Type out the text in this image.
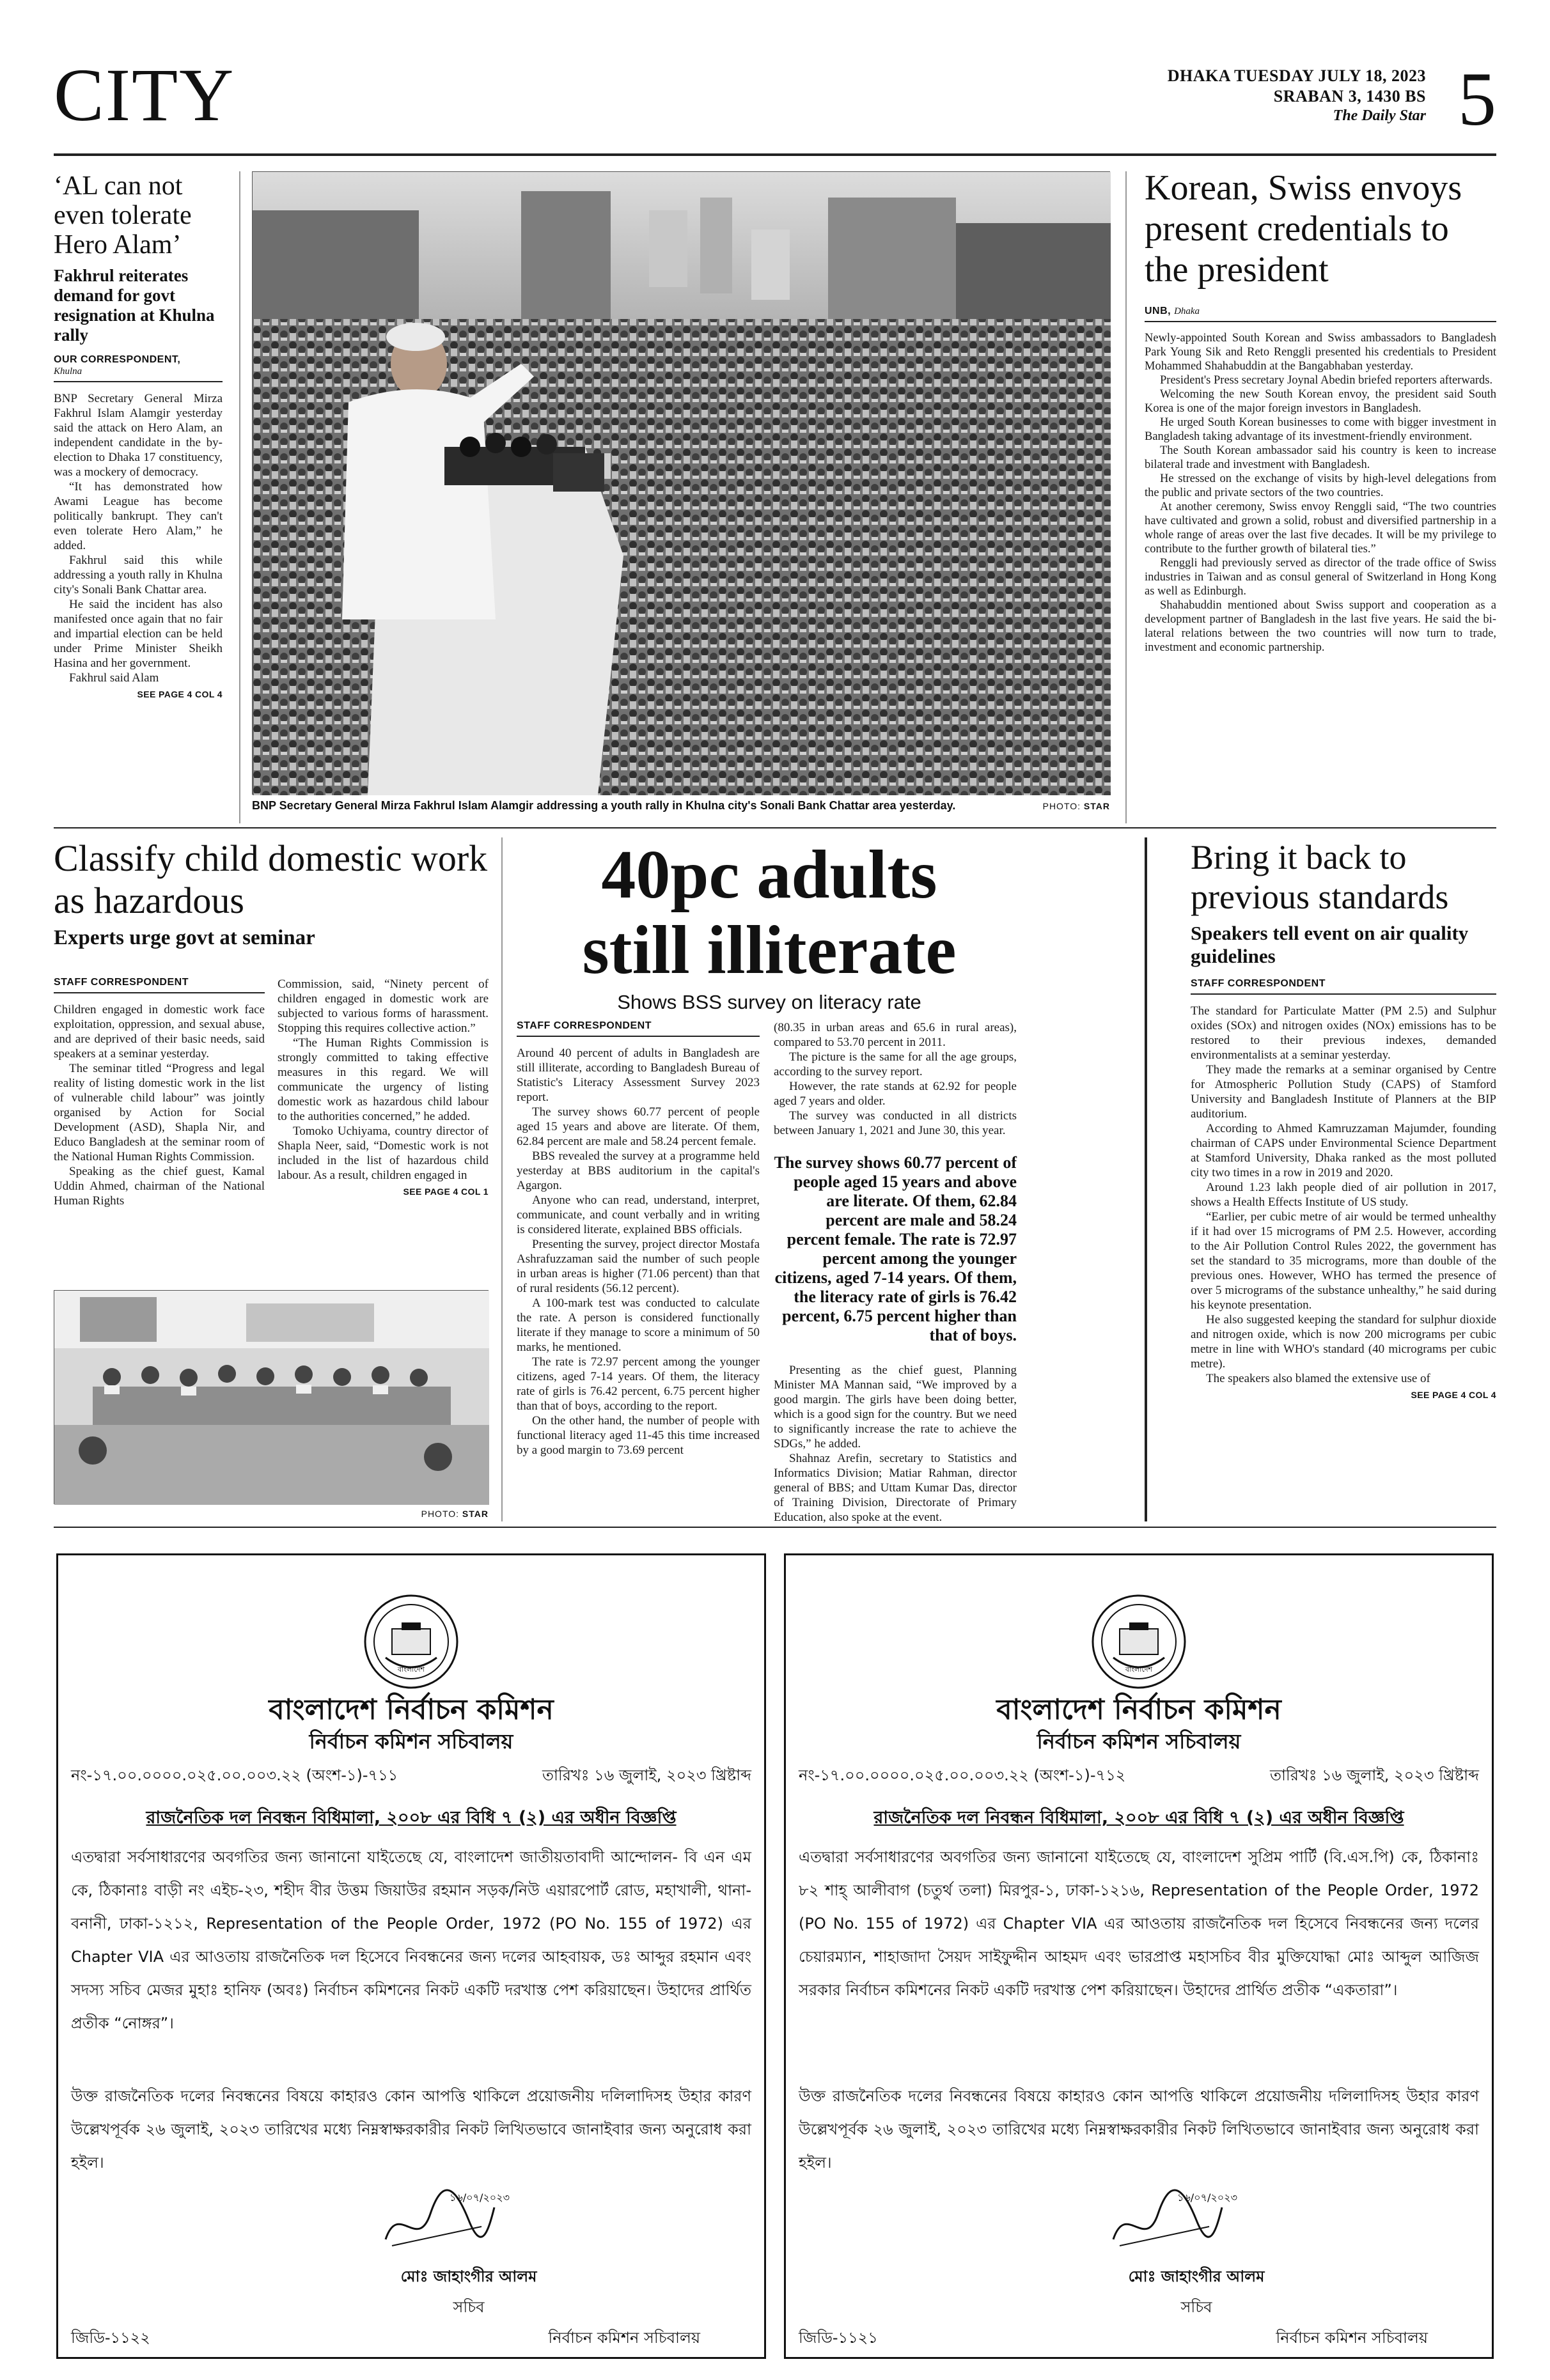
CITY	DHAKA TUESDAY JULY 18, 2023
SRABAN 3, 1430 BS
The Daily Star 5
‘AL can not even tolerate Hero Alam’
Fakhrul reiterates demand for govt resignation at Khulna rally
OUR CORRESPONDENT,
Khulna

BNP Secretary General Mirza Fakhrul Islam Alamgir yesterday said the attack on Hero Alam, an independent candidate in the by-election to Dhaka 17 constituency, was a mockery of democracy.

“It has demonstrated how Awami League has become politically bankrupt. They can't even tolerate Hero Alam,” he added.

Fakhrul said this while addressing a youth rally in Khulna city's Sonali Bank Chattar area.

He said the incident has also manifested once again that no fair and impartial election can be held under Prime Minister Sheikh Hasina and her government.

Fakhrul said Alam

SEE PAGE 4 COL 4
BNP Secretary General Mirza Fakhrul Islam Alamgir addressing a youth rally in Khulna city's Sonali Bank Chattar area yesterday.	PHOTO: STAR
Korean, Swiss envoys present credentials to the president
UNB, Dhaka

Newly-appointed South Korean and Swiss ambassadors to Bangladesh Park Young Sik and Reto Renggli presented his credentials to President Mohammed Shahabuddin at the Bangabhaban yesterday.

President's Press secretary Joynal Abedin briefed reporters afterwards.

Welcoming the new South Korean envoy, the president said South Korea is one of the major foreign investors in Bangladesh.

He urged South Korean businesses to come with bigger investment in Bangladesh taking advantage of its investment-friendly environment.

The South Korean ambassador said his country is keen to increase bilateral trade and investment with Bangladesh.

He stressed on the exchange of visits by high-level delegations from the public and private sectors of the two countries.

At another ceremony, Swiss envoy Renggli said, “The two countries have cultivated and grown a solid, robust and diversified partnership in a whole range of areas over the last five decades. It will be my privilege to contribute to the further growth of bilateral ties.”

Renggli had previously served as director of the trade office of Swiss industries in Taiwan and as consul general of Switzerland in Hong Kong as well as Edinburgh.

Shahabuddin mentioned about Swiss support and cooperation as a development partner of Bangladesh in the last five years. He said the bi-lateral relations between the two countries will now turn to trade, investment and economic partnership.

Classify child domestic work as hazardous
Experts urge govt at seminar
STAFF CORRESPONDENT

Children engaged in domestic work face exploitation, oppression, and sexual abuse, and are deprived of their basic needs, said speakers at a seminar yesterday.

The seminar titled “Progress and legal reality of listing domestic work in the list of vulnerable child labour” was jointly organised by Action for Social Development (ASD), Shapla Nir, and Educo Bangladesh at the seminar room of the National Human Rights Commission.

Speaking as the chief guest, Kamal Uddin Ahmed, chairman of the National Human Rights

Commission, said, “Ninety percent of children engaged in domestic work are subjected to various forms of harassment. Stopping this requires collective action.”

“The Human Rights Commission is strongly committed to taking effective measures in this regard. We will communicate the urgency of listing domestic work as hazardous child labour to the authorities concerned,” he added.

Tomoko Uchiyama, country director of Shapla Neer, said, “Domestic work is not included in the list of hazardous child labour. As a result, children engaged in

SEE PAGE 4 COL 1
PHOTO: STAR
40pc adults still illiterate
Shows BSS survey on literacy rate
STAFF CORRESPONDENT

Around 40 percent of adults in Bangladesh are still illiterate, according to Bangladesh Bureau of Statistic's Literacy Assessment Survey 2023 report.

The survey shows 60.77 percent of people aged 15 years and above are literate. Of them, 62.84 percent are male and 58.24 percent female.

BBS revealed the survey at a programme held yesterday at BBS auditorium in the capital's Agargon.

Anyone who can read, understand, interpret, communicate, and count verbally and in writing is considered literate, explained BBS officials.

Presenting the survey, project director Mostafa Ashrafuzzaman said the number of such people in urban areas is higher (71.06 percent) than that of rural residents (56.12 percent).

A 100-mark test was conducted to calculate the rate. A person is considered functionally literate if they manage to score a minimum of 50 marks, he mentioned.

The rate is 72.97 percent among the younger citizens, aged 7-14 years. Of them, the literacy rate of girls is 76.42 percent, 6.75 percent higher than that of boys, according to the report.

On the other hand, the number of people with functional literacy aged 11-45 this time increased by a good margin to 73.69 percent

(80.35 in urban areas and 65.6 in rural areas), compared to 53.70 percent in 2011.

The picture is the same for all the age groups, according to the survey report.

However, the rate stands at 62.92 for people aged 7 years and older.

The survey was conducted in all districts between January 1, 2021 and June 30, this year.

The survey shows 60.77 percent of people aged 15 years and above are literate. Of them, 62.84 percent are male and 58.24 percent female. The rate is 72.97 percent among the younger citizens, aged 7-14 years. Of them, the literacy rate of girls is 76.42 percent, 6.75 percent higher than that of boys.

Presenting as the chief guest, Planning Minister MA Mannan said, “We improved by a good margin. The girls have been doing better, which is a good sign for the country. But we need to significantly increase the rate to achieve the SDGs,” he added.

Shahnaz Arefin, secretary to Statistics and Informatics Division; Matiar Rahman, director general of BBS; and Uttam Kumar Das, director of Training Division, Directorate of Primary Education, also spoke at the event.

Bring it back to previous standards
Speakers tell event on air quality guidelines
STAFF CORRESPONDENT

The standard for Particulate Matter (PM 2.5) and Sulphur oxides (SOx) and nitrogen oxides (NOx) emissions has to be restored to their previous indexes, demanded environmentalists at a seminar yesterday.

They made the remarks at a seminar organised by Centre for Atmospheric Pollution Study (CAPS) of Stamford University and Bangladesh Institute of Planners at the BIP auditorium.

According to Ahmed Kamruzzaman Majumder, founding chairman of CAPS under Environmental Science Department at Stamford University, Dhaka ranked as the most polluted city two times in a row in 2019 and 2020.

Around 1.23 lakh people died of air pollution in 2017, shows a Health Effects Institute of US study.

“Earlier, per cubic metre of air would be termed unhealthy if it had over 15 micrograms of PM 2.5. However, according to the Air Pollution Control Rules 2022, the government has set the standard to 35 micrograms, more than double of the previous ones. However, WHO has termed the presence of over 5 micrograms of the substance unhealthy,” he said during his keynote presentation.

He also suggested keeping the standard for sulphur dioxide and nitrogen oxide, which is now 200 micrograms per cubic metre in line with WHO's standard (40 micrograms per cubic metre).

The speakers also blamed the extensive use of

SEE PAGE 4 COL 4
বাংলাদেশ
বাংলাদেশ নির্বাচন কমিশন
নির্বাচন কমিশন সচিবালয়
নং-১৭.০০.০০০০.০২৫.০০.০০৩.২২ (অংশ-১)-৭১১	তারিখঃ ১৬ জুলাই, ২০২৩ খ্রিষ্টাব্দ
রাজনৈতিক দল নিবন্ধন বিধিমালা, ২০০৮ এর বিধি ৭ (২) এর অধীন বিজ্ঞপ্তি
এতদ্বারা সর্বসাধারণের অবগতির জন্য জানানো যাইতেছে যে, বাংলাদেশ জাতীয়তাবাদী আন্দোলন- বি এন এম কে, ঠিকানাঃ বাড়ী নং এইচ-২৩, শহীদ বীর উত্তম জিয়াউর রহমান সড়ক/নিউ এয়ারপোর্ট রোড, মহাখালী, থানা-বনানী, ঢাকা-১২১২, Representation of the People Order, 1972 (PO No. 155 of 1972) এর Chapter VIA এর আওতায় রাজনৈতিক দল হিসেবে নিবন্ধনের জন্য দলের আহবায়ক, ডঃ আব্দুর রহমান এবং সদস্য সচিব মেজর মুহাঃ হানিফ (অবঃ) নির্বাচন কমিশনের নিকট একটি দরখাস্ত পেশ করিয়াছেন। উহাদের প্রার্থিত প্রতীক “নোঙ্গর”।
উক্ত রাজনৈতিক দলের নিবন্ধনের বিষয়ে কাহারও কোন আপত্তি থাকিলে প্রয়োজনীয় দলিলাদিসহ উহার কারণ উল্লেখপূর্বক ২৬ জুলাই, ২০২৩ তারিখের মধ্যে নিম্নস্বাক্ষরকারীর নিকট লিখিতভাবে জানাইবার জন্য অনুরোধ করা হইল।
১৬/০৭/২০২৩
মোঃ জাহাংগীর আলম
সচিব
জিডি-১১২২	নির্বাচন কমিশন সচিবালয়
বাংলাদেশ
বাংলাদেশ নির্বাচন কমিশন
নির্বাচন কমিশন সচিবালয়
নং-১৭.০০.০০০০.০২৫.০০.০০৩.২২ (অংশ-১)-৭১২	তারিখঃ ১৬ জুলাই, ২০২৩ খ্রিষ্টাব্দ
রাজনৈতিক দল নিবন্ধন বিধিমালা, ২০০৮ এর বিধি ৭ (২) এর অধীন বিজ্ঞপ্তি
এতদ্বারা সর্বসাধারণের অবগতির জন্য জানানো যাইতেছে যে, বাংলাদেশ সুপ্রিম পার্টি (বি.এস.পি) কে, ঠিকানাঃ ৮২ শাহ্ আলীবাগ (চতুর্থ তলা) মিরপুর-১, ঢাকা-১২১৬, Representation of the People Order, 1972 (PO No. 155 of 1972) এর Chapter VIA এর আওতায় রাজনৈতিক দল হিসেবে নিবন্ধনের জন্য দলের চেয়ারম্যান, শাহাজাদা সৈয়দ সাইফুদ্দীন আহমদ এবং ভারপ্রাপ্ত মহাসচিব বীর মুক্তিযোদ্ধা মোঃ আব্দুল আজিজ সরকার নির্বাচন কমিশনের নিকট একটি দরখাস্ত পেশ করিয়াছেন। উহাদের প্রার্থিত প্রতীক “একতারা”।
উক্ত রাজনৈতিক দলের নিবন্ধনের বিষয়ে কাহারও কোন আপত্তি থাকিলে প্রয়োজনীয় দলিলাদিসহ উহার কারণ উল্লেখপূর্বক ২৬ জুলাই, ২০২৩ তারিখের মধ্যে নিম্নস্বাক্ষরকারীর নিকট লিখিতভাবে জানাইবার জন্য অনুরোধ করা হইল।
১৬/০৭/২০২৩
মোঃ জাহাংগীর আলম
সচিব
জিডি-১১২১	নির্বাচন কমিশন সচিবালয়
